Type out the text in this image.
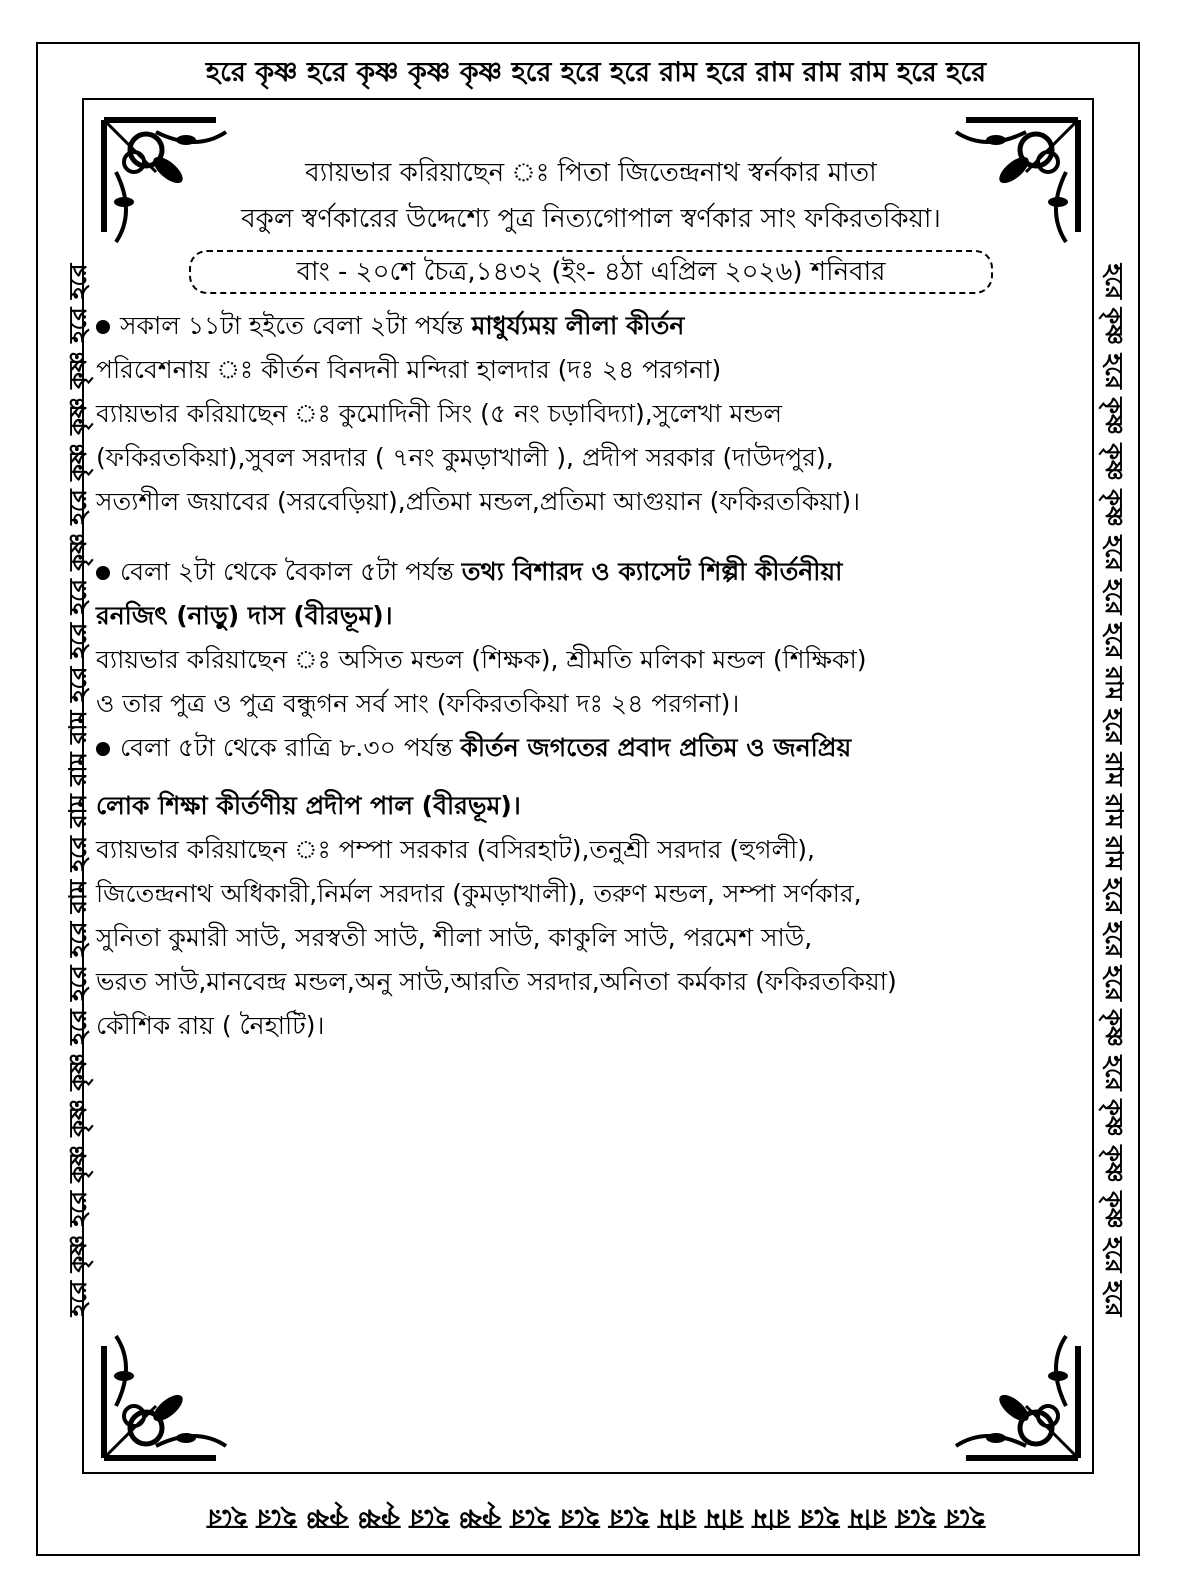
হরে কৃষ্ণ হরে কৃষ্ণ কৃষ্ণ কৃষ্ণ হরে হরে হরে রাম হরে রাম রাম রাম হরে হরে
হরে কৃষ্ণ হরে কৃষ্ণ কৃষ্ণ কৃষ্ণ হরে হরে হরে রাম হরে রাম রাম রাম হরে হরে হরে কৃষ্ণ হরে কৃষ্ণ কৃষ্ণ কৃষ্ণ হরে হরে	হরে কৃষ্ণ হরে কৃষ্ণ কৃষ্ণ কৃষ্ণ হরে হরে হরে রাম হরে রাম রাম রাম হরে হরে হরে কৃষ্ণ হরে কৃষ্ণ কৃষ্ণ কৃষ্ণ হরে হরে
হরে হরে রাম হরে রাম রাম রাম হরে হরে হরে কৃষ্ণ হরে কৃষ্ণ কৃষ্ণ হরে হরে
ব্যায়ভার করিয়াছেন ঃ পিতা জিতেন্দ্রনাথ স্বর্নকার মাতা
বকুল স্বর্ণকারের উদ্দেশ্যে পুত্র নিত্যগোপাল স্বর্ণকার সাং ফকিরতকিয়া।
বাং - ২০শে চৈত্র,১৪৩২ (ইং- ৪ঠা এপ্রিল ২০২৬) শনিবার

সকাল ১১টা হইতে বেলা ২টা পর্যন্ত মাধুর্য্যময় লীলা কীর্তন

পরিবেশনায় ঃ কীর্তন বিনদনী মন্দিরা হালদার (দঃ ২৪ পরগনা)

ব্যায়ভার করিয়াছেন ঃ কুমোদিনী সিং (৫ নং চড়াবিদ্যা),সুলেখা মন্ডল

(ফকিরতকিয়া),সুবল সরদার ( ৭নং কুমড়াখালী ), প্রদীপ সরকার (দাউদপুর),

সত্যশীল জয়াবের (সরবেড়িয়া),প্রতিমা মন্ডল,প্রতিমা আগুয়ান (ফকিরতকিয়া)।

বেলা ২টা থেকে বৈকাল ৫টা পর্যন্ত তথ্য বিশারদ ও ক্যাসেট শিল্পী কীর্তনীয়া

রনজিৎ (নাড়ু) দাস (বীরভূম)।

ব্যায়ভার করিয়াছেন ঃ অসিত মন্ডল (শিক্ষক), শ্রীমতি মলিকা মন্ডল (শিক্ষিকা)

ও তার পুত্র ও পুত্র বন্ধুগন সর্ব সাং (ফকিরতকিয়া দঃ ২৪ পরগনা)।

বেলা ৫টা থেকে রাত্রি ৮.৩০ পর্যন্ত কীর্তন জগতের প্রবাদ প্রতিম ও জনপ্রিয়

লোক শিক্ষা কীর্তণীয় প্রদীপ পাল (বীরভূম)।

ব্যায়ভার করিয়াছেন ঃ পম্পা সরকার (বসিরহাট),তনুশ্রী সরদার (হুগলী),

জিতেন্দ্রনাথ অধিকারী,নির্মল সরদার (কুমড়াখালী), তরুণ মন্ডল, সম্পা সর্ণকার,

সুনিতা কুমারী সাউ, সরস্বতী সাউ, শীলা সাউ, কাকুলি সাউ, পরমেশ সাউ,

ভরত সাউ,মানবেন্দ্র মন্ডল,অনু সাউ,আরতি সরদার,অনিতা কর্মকার (ফকিরতকিয়া)

কৌশিক রায় ( নৈহাটি)।
